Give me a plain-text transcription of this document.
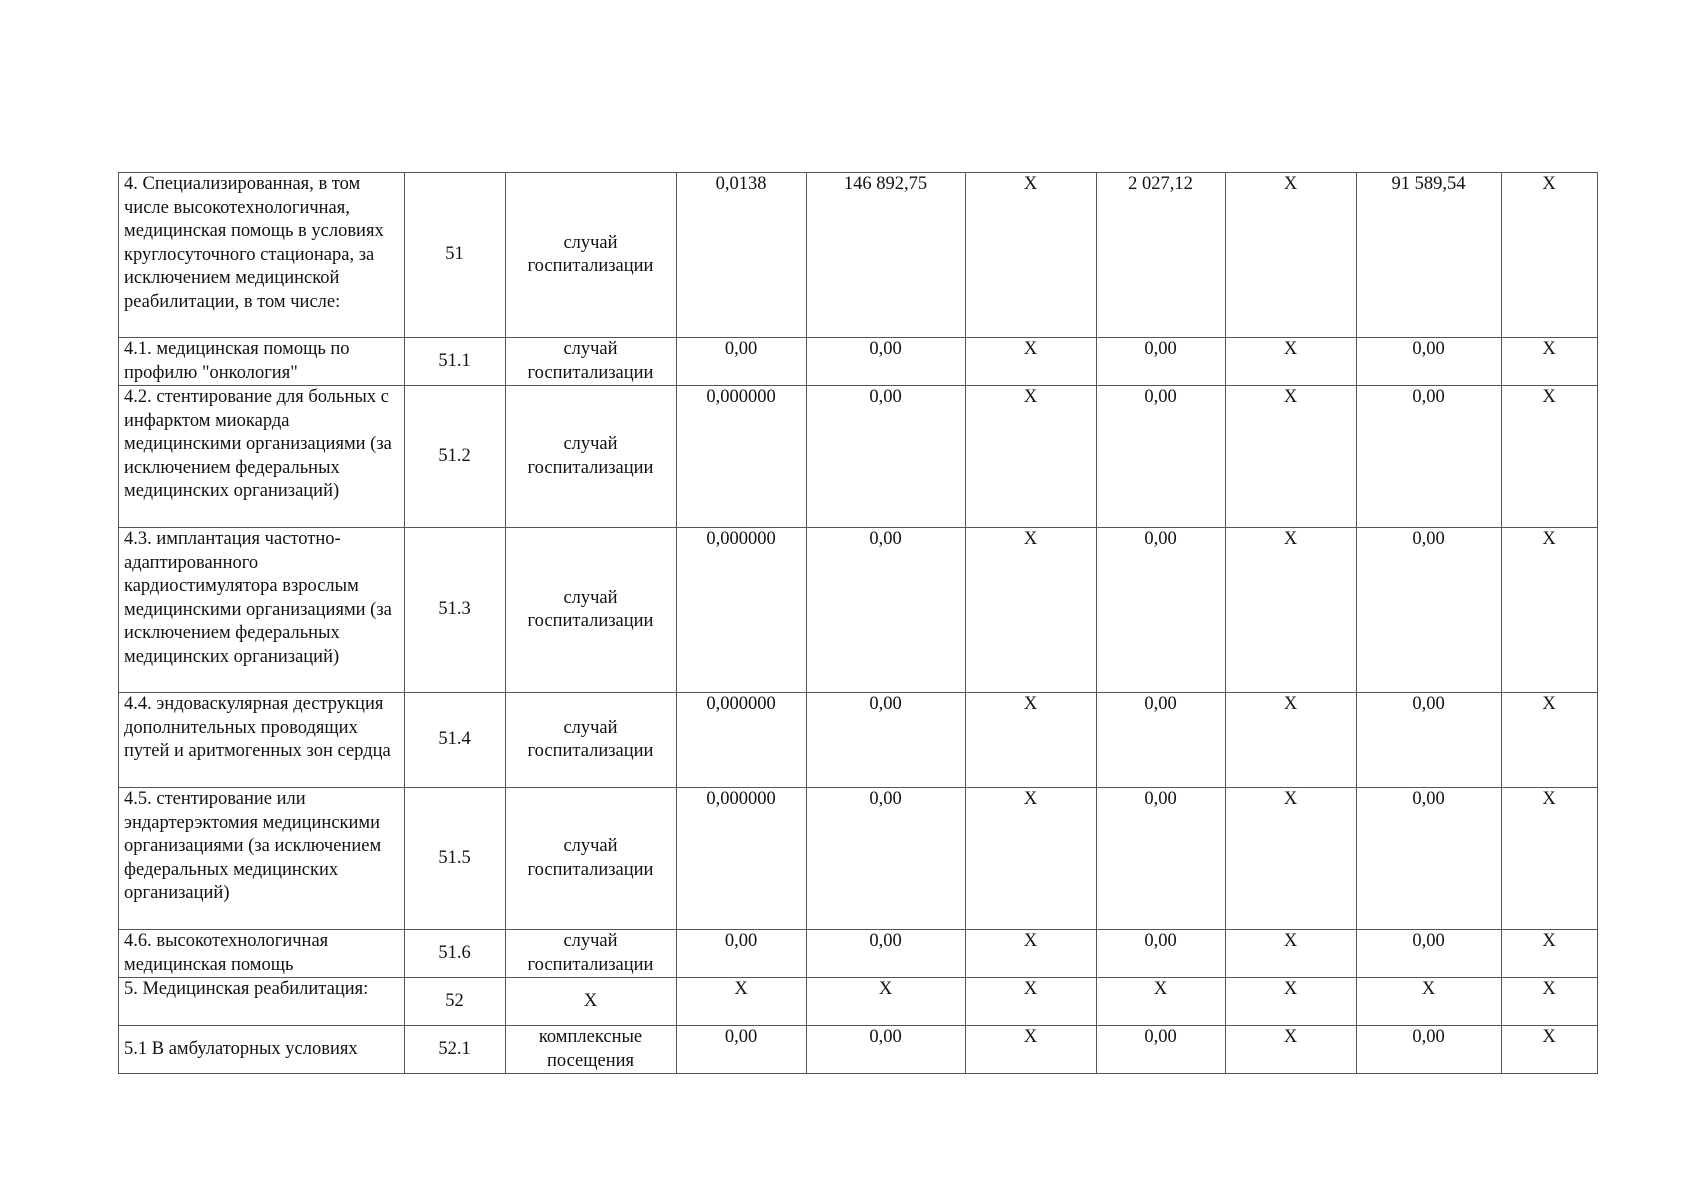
4. Специализированная, в том числе высокотехнологичная, медицинская помощь в условиях круглосуточного стационара, за исключением медицинской реабилитации, в том числе:	51	случай госпитализации	0,0138	146 892,75	Х	2 027,12	Х	91 589,54	Х
4.1. медицинская помощь по профилю "онкология"	51.1	случай госпитализации	0,00	0,00	Х	0,00	Х	0,00	Х
4.2. стентирование для больных с инфарктом миокарда медицинскими организациями (за исключением федеральных медицинских организаций)	51.2	случай госпитализации	0,000000	0,00	Х	0,00	Х	0,00	Х
4.3. имплантация частотно-адаптированного кардиостимулятора взрослым медицинскими организациями (за исключением федеральных медицинских организаций)	51.3	случай госпитализации	0,000000	0,00	Х	0,00	Х	0,00	Х
4.4. эндоваскулярная деструкция дополнительных проводящих путей и аритмогенных зон сердца	51.4	случай госпитализации	0,000000	0,00	Х	0,00	Х	0,00	Х
4.5. стентирование или эндартерэктомия медицинскими организациями (за исключением федеральных медицинских организаций)	51.5	случай госпитализации	0,000000	0,00	Х	0,00	Х	0,00	Х
4.6. высокотехнологичная медицинская помощь	51.6	случай госпитализации	0,00	0,00	Х	0,00	Х	0,00	Х
5. Медицинская реабилитация:	52	Х	Х	Х	Х	Х	Х	Х	Х
5.1 В амбулаторных условиях	52.1	комплексные посещения	0,00	0,00	Х	0,00	Х	0,00	Х
